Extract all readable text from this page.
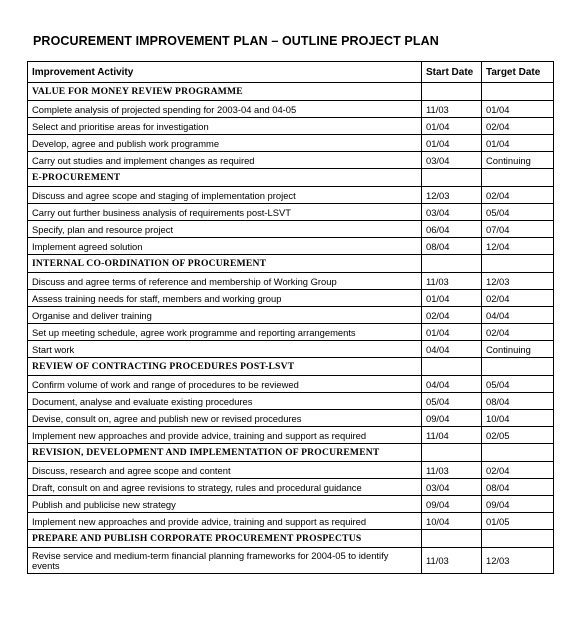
PROCUREMENT IMPROVEMENT PLAN – OUTLINE PROJECT PLAN
Improvement Activity	Start Date	Target Date
VALUE FOR MONEY REVIEW PROGRAMME		
Complete analysis of projected spending for 2003-04 and 04-05	11/03	01/04
Select and prioritise areas for investigation	01/04	02/04
Develop, agree and publish work programme	01/04	01/04
Carry out studies and implement changes as required	03/04	Continuing
E-PROCUREMENT		
Discuss and agree scope and staging of implementation project	12/03	02/04
Carry out further business analysis of requirements post-LSVT	03/04	05/04
Specify, plan and resource project	06/04	07/04
Implement agreed solution	08/04	12/04
INTERNAL CO-ORDINATION OF PROCUREMENT		
Discuss and agree terms of reference and membership of Working Group	11/03	12/03
Assess training needs for staff, members and working group	01/04	02/04
Organise and deliver training	02/04	04/04
Set up meeting schedule, agree work programme and reporting arrangements	01/04	02/04
Start work	04/04	Continuing
REVIEW OF CONTRACTING PROCEDURES POST-LSVT		
Confirm volume of work and range of procedures to be reviewed	04/04	05/04
Document, analyse and evaluate existing procedures	05/04	08/04
Devise, consult on, agree and publish new or revised procedures	09/04	10/04
Implement new approaches and provide advice, training and support as required	11/04	02/05
REVISION, DEVELOPMENT AND IMPLEMENTATION OF PROCUREMENT		
Discuss, research and agree scope and content	11/03	02/04
Draft, consult on and agree revisions to strategy, rules and procedural guidance	03/04	08/04
Publish and publicise new strategy	09/04	09/04
Implement new approaches and provide advice, training and support as required	10/04	01/05
PREPARE AND PUBLISH CORPORATE PROCUREMENT PROSPECTUS		
Revise service and medium-term financial planning frameworks for 2004-05 to identify events	11/03	12/03
